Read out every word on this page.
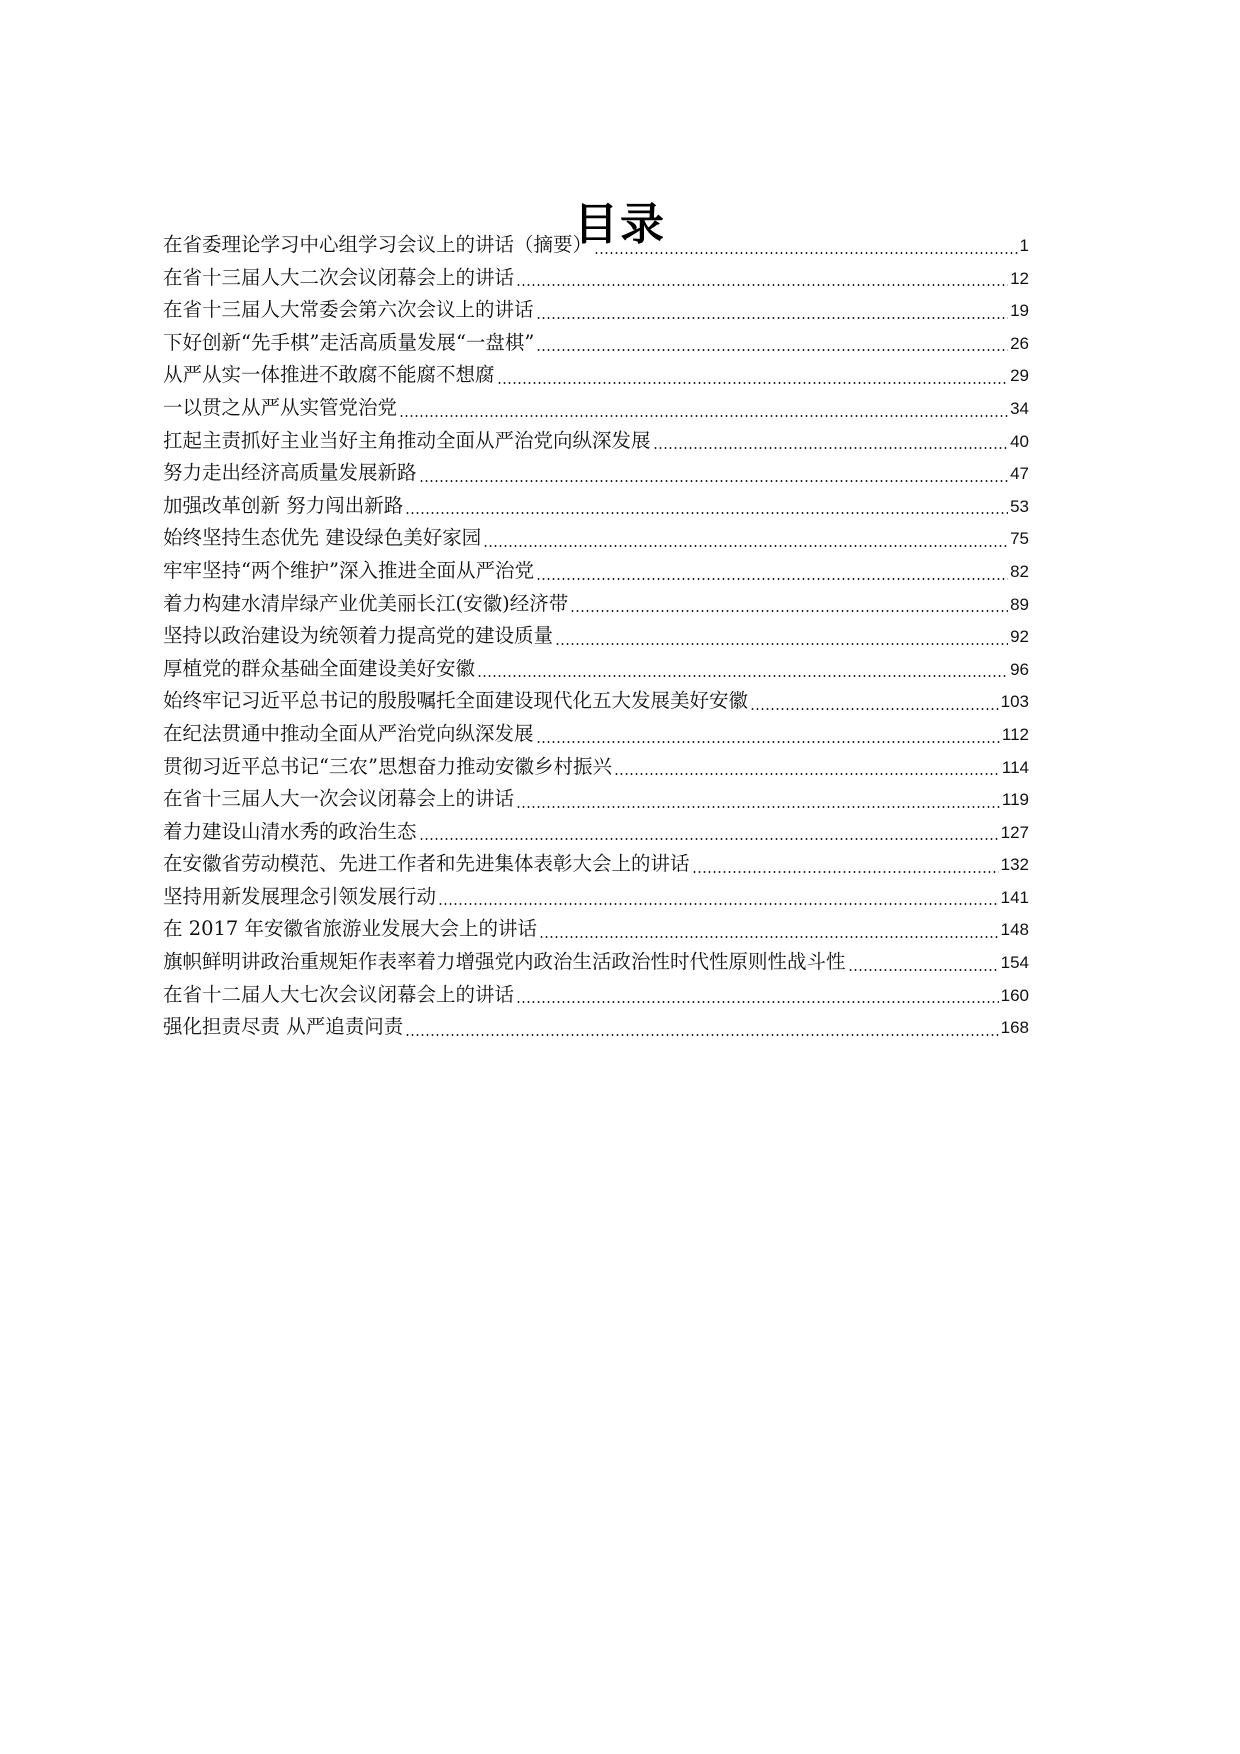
目录
在省委理论学习中心组学习会议上的讲话（摘要）	1
在省十三届人大二次会议闭幕会上的讲话	12
在省十三届人大常委会第六次会议上的讲话	19
下好创新“先手棋”走活高质量发展“一盘棋”	26
从严从实一体推进不敢腐不能腐不想腐	29
一以贯之从严从实管党治党	34
扛起主责抓好主业当好主角推动全面从严治党向纵深发展	40
努力走出经济高质量发展新路	47
加强改革创新 努力闯出新路	53
始终坚持生态优先 建设绿色美好家园	75
牢牢坚持“两个维护”深入推进全面从严治党	82
着力构建水清岸绿产业优美丽长江(安徽)经济带	89
坚持以政治建设为统领着力提高党的建设质量	92
厚植党的群众基础全面建设美好安徽	96
始终牢记习近平总书记的殷殷嘱托全面建设现代化五大发展美好安徽	103
在纪法贯通中推动全面从严治党向纵深发展	112
贯彻习近平总书记“三农”思想奋力推动安徽乡村振兴	114
在省十三届人大一次会议闭幕会上的讲话	119
着力建设山清水秀的政治生态	127
在安徽省劳动模范、先进工作者和先进集体表彰大会上的讲话	132
坚持用新发展理念引领发展行动	141
在 2017 年安徽省旅游业发展大会上的讲话	148
旗帜鲜明讲政治重规矩作表率着力增强党内政治生活政治性时代性原则性战斗性	154
在省十二届人大七次会议闭幕会上的讲话	160
强化担责尽责 从严追责问责	168
